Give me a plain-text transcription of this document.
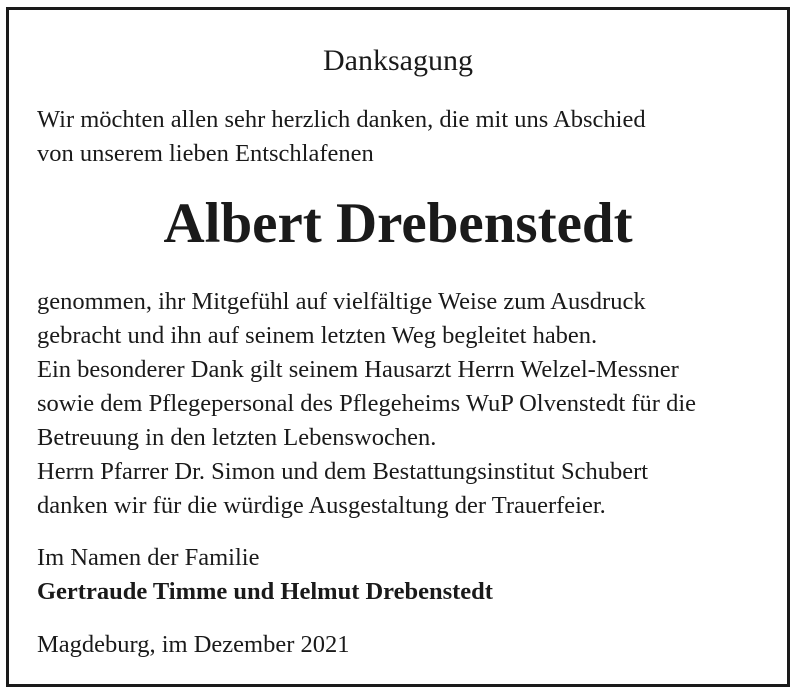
Danksagung

Wir möchten allen sehr herzlich danken, die mit uns Abschied

von unserem lieben Entschlafenen

Albert Drebenstedt

genommen, ihr Mitgefühl auf vielfältige Weise zum Ausdruck

gebracht und ihn auf seinem letzten Weg begleitet haben.

Ein besonderer Dank gilt seinem Hausarzt Herrn Welzel-Messner

sowie dem Pflegepersonal des Pflegeheims WuP Olvenstedt für die

Betreuung in den letzten Lebenswochen.

Herrn Pfarrer Dr. Simon und dem Bestattungsinstitut Schubert

danken wir für die würdige Ausgestaltung der Trauerfeier.

Im Namen der Familie
Gertraude Timme und Helmut Drebenstedt
Magdeburg, im Dezember 2021
